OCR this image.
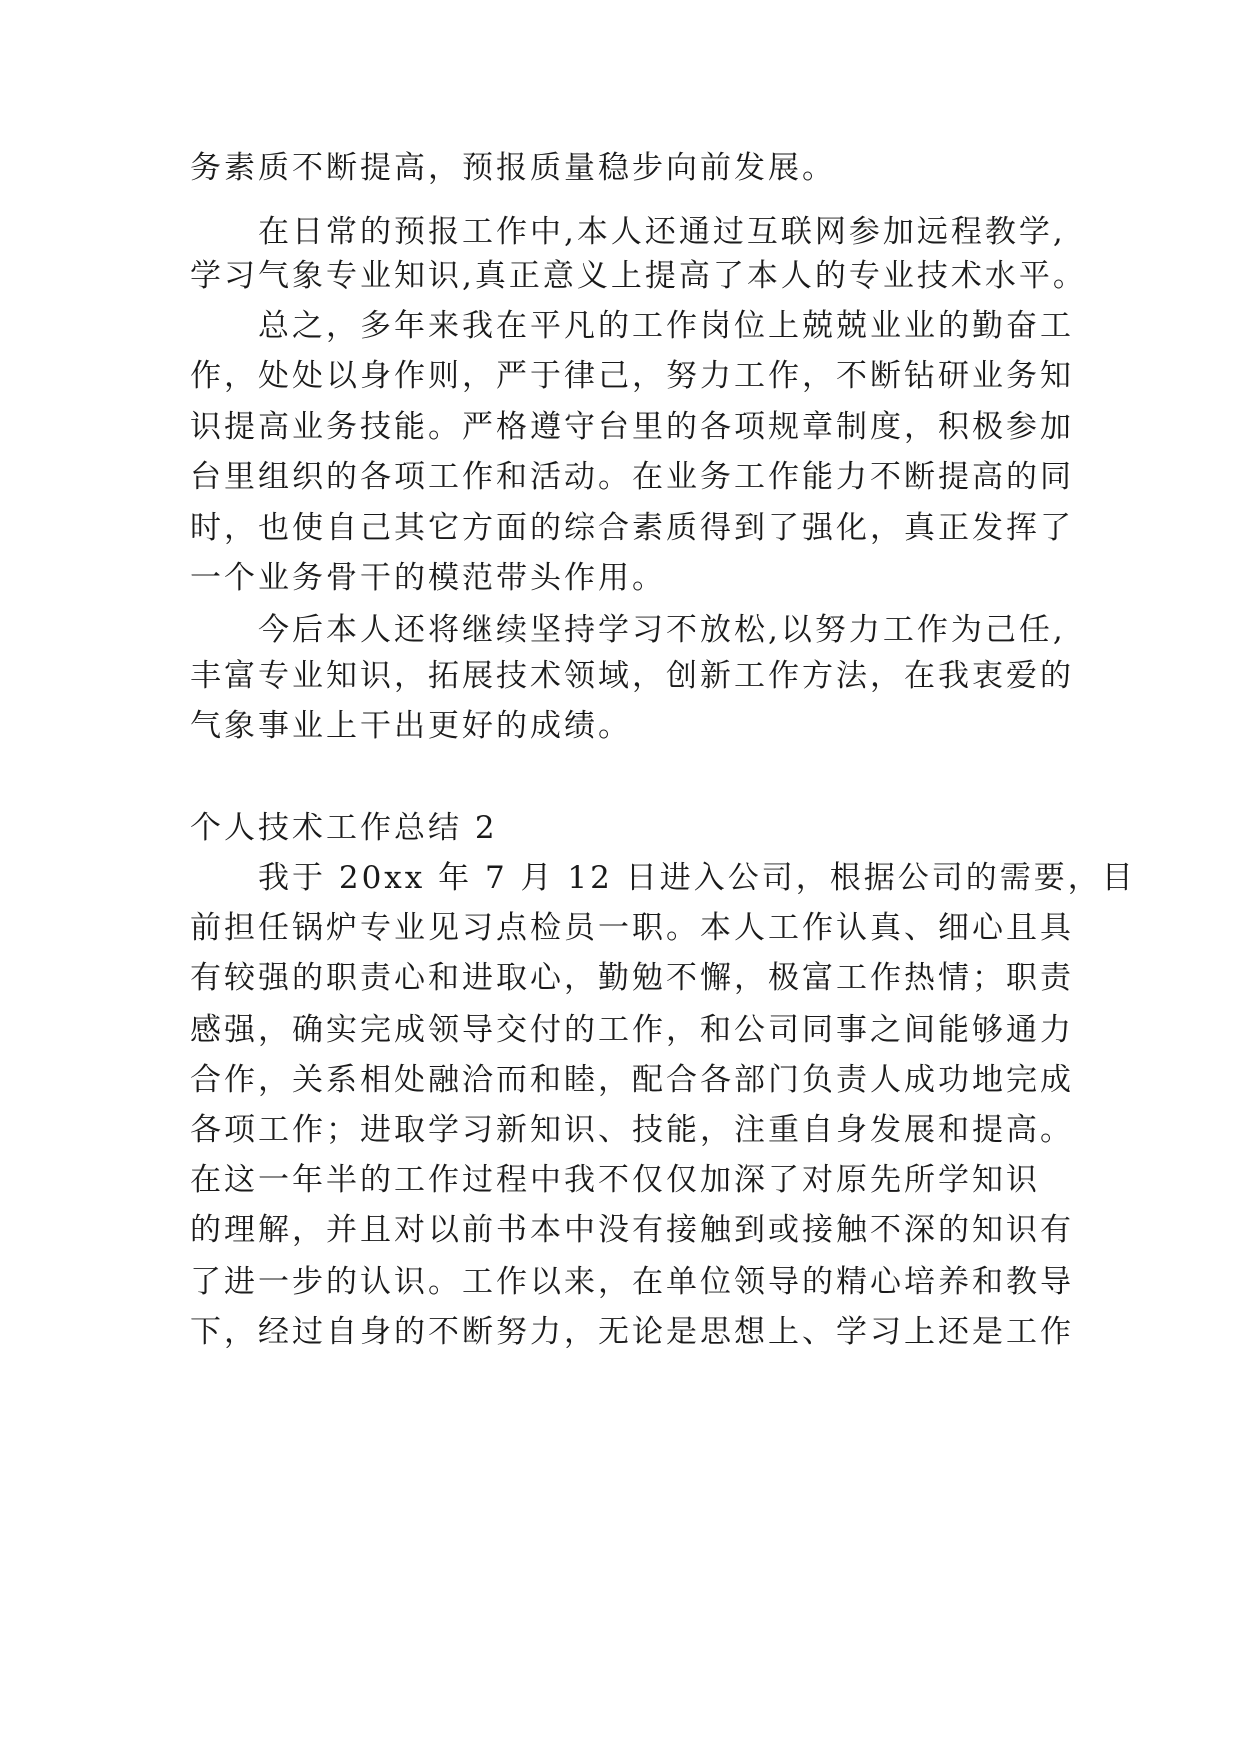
务素质不断提高，预报质量稳步向前发展。
在日常的预报工作中,本人还通过互联网参加远程教学,
学习气象专业知识,真正意义上提高了本人的专业技术水平。
总之，多年来我在平凡的工作岗位上兢兢业业的勤奋工
作，处处以身作则，严于律己，努力工作，不断钻研业务知
识提高业务技能。严格遵守台里的各项规章制度，积极参加
台里组织的各项工作和活动。在业务工作能力不断提高的同
时，也使自己其它方面的综合素质得到了强化，真正发挥了
一个业务骨干的模范带头作用。
今后本人还将继续坚持学习不放松,以努力工作为己任,
丰富专业知识，拓展技术领域，创新工作方法，在我衷爱的
气象事业上干出更好的成绩。
个人技术工作总结 2
我于 20xx 年 7 月 12 日进入公司，根据公司的需要，目
前担任锅炉专业见习点检员一职。本人工作认真、细心且具
有较强的职责心和进取心，勤勉不懈，极富工作热情；职责
感强，确实完成领导交付的工作，和公司同事之间能够通力
合作，关系相处融洽而和睦，配合各部门负责人成功地完成
各项工作；进取学习新知识、技能，注重自身发展和提高。
在这一年半的工作过程中我不仅仅加深了对原先所学知识
的理解，并且对以前书本中没有接触到或接触不深的知识有
了进一步的认识。工作以来，在单位领导的精心培养和教导
下，经过自身的不断努力，无论是思想上、学习上还是工作
